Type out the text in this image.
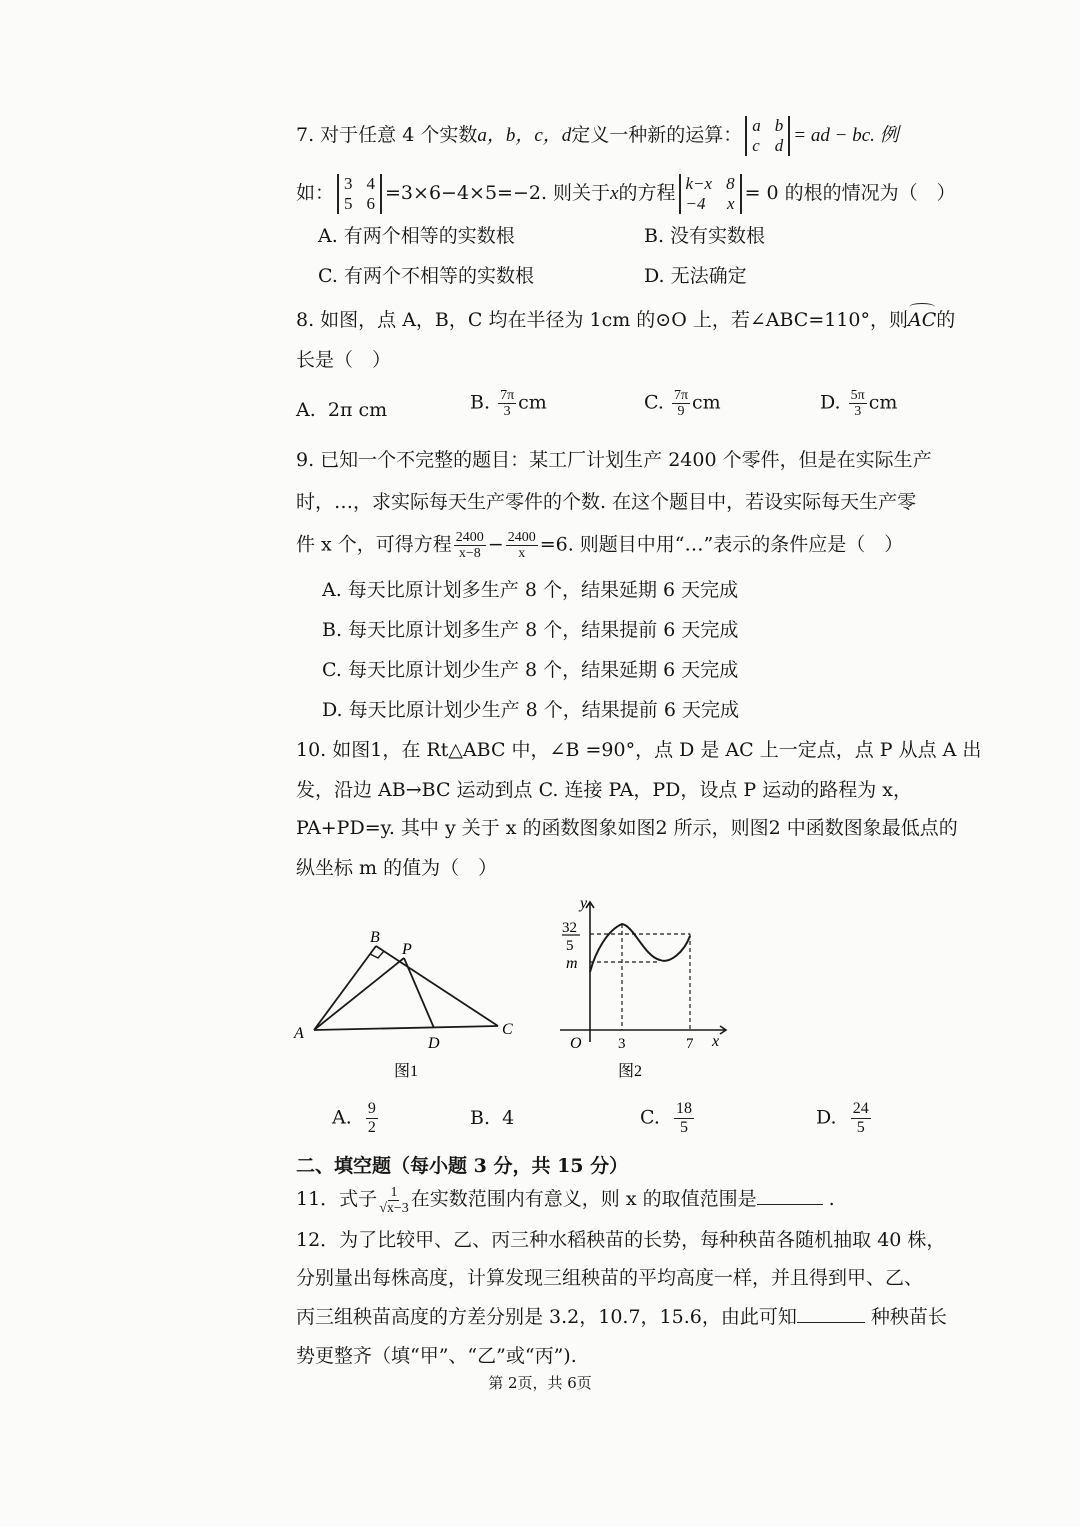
7. 对于任意 4 个实数a，b，c，d定义一种新的运算： a b
c d = ad − bc. 例
如： 3 4
5 6 =3×6−4×5=−2. 则关于x的方程 k−x 8
−4 x = 0 的根的情况为（　）
A. 有两个相等的实数根	B. 没有实数根
C. 有两个不相等的实数根	D. 无法确定
8. 如图，点 A，B，C 均在半径为 1cm 的⊙O 上，若∠ABC=110°，则AC的
长是（　）
A. 2π cm	B. $\frac{7\pi}{3}$ cm	C. $\frac{7\pi}{9}$ cm	D. $\frac{5\pi}{3}$ cm
9. 已知一个不完整的题目：某工厂计划生产 2400 个零件，但是在实际生产
时，…，求实际每天生产零件的个数. 在这个题目中，若设实际每天生产零
件 x 个，可得方程 $\frac{2400}{x-8} - \frac{2400}{x} =6$. 则题目中用“…”表示的条件应是（　）
A. 每天比原计划多生产 8 个，结果延期 6 天完成
B. 每天比原计划多生产 8 个，结果提前 6 天完成
C. 每天比原计划少生产 8 个，结果延期 6 天完成
D. 每天比原计划少生产 8 个，结果提前 6 天完成
10. 如图1，在 Rt△ABC 中，∠B =90°，点 D 是 AC 上一定点，点 P 从点 A 出
发，沿边 AB→BC 运动到点 C. 连接 PA，PD，设点 P 运动的路程为 x，
PA+PD=y. 其中 y 关于 x 的函数图象如图2 所示，则图2 中函数图象最低点的
纵坐标 m 的值为（　）
A
B
P
C
D
图1
y
32
5
m
O 3	7 x
图2
A. $\frac{9}{2}$	B. 4	C. $\frac{18}{5}$	D. $\frac{24}{5}$
二、填空题（每小题 3 分，共 15 分）
11．式子 $\frac{1}{√x-3}$ 在实数范围内有意义，则 x 的取值范围是	.
12．为了比较甲、乙、丙三种水稻秧苗的长势，每种秧苗各随机抽取 40 株，
分别量出每株高度，计算发现三组秧苗的平均高度一样，并且得到甲、乙、
丙三组秧苗高度的方差分别是 3.2，10.7，15.6，由此可知	种秧苗长
势更整齐（填“甲”、“乙”或“丙”).
第 2页，共 6页
